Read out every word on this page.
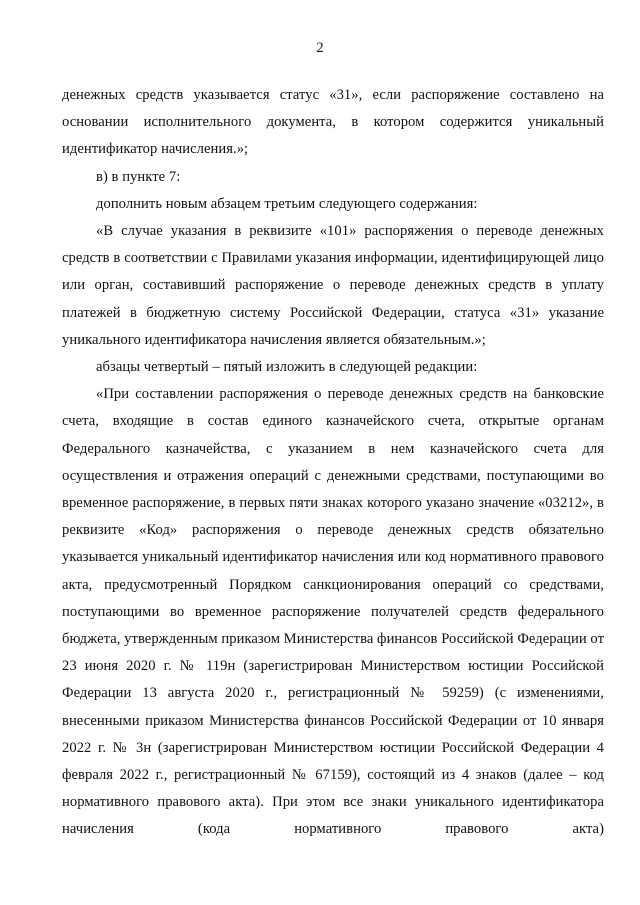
2

денежных средств указывается статус «31», если распоряжение составлено на основании исполнительного документа, в котором содержится уникальный идентификатор начисления.»;

в) в пункте 7:

дополнить новым абзацем третьим следующего содержания:

«В случае указания в реквизите «101» распоряжения о переводе денежных средств в соответствии с Правилами указания информации, идентифицирующей лицо или орган, составивший распоряжение о переводе денежных средств в уплату платежей в бюджетную систему Российской Федерации, статуса «31» указание уникального идентификатора начисления является обязательным.»;

абзацы четвертый – пятый изложить в следующей редакции:

«При составлении распоряжения о переводе денежных средств на банковские счета, входящие в состав единого казначейского счета, открытые органам Федерального казначейства, с указанием в нем казначейского счета для осуществления и отражения операций с денежными средствами, поступающими во временное распоряжение, в первых пяти знаках которого указано значение «03212», в реквизите «Код» распоряжения о переводе денежных средств обязательно указывается уникальный идентификатор начисления или код нормативного правового акта, предусмотренный Порядком санкционирования операций со средствами, поступающими во временное распоряжение получателей средств федерального бюджета, утвержденным приказом Министерства финансов Российской Федерации от 23 июня 2020 г. № 119н (зарегистрирован Министерством юстиции Российской Федерации 13 августа 2020 г., регистрационный № 59259) (с изменениями, внесенными приказом Министерства финансов Российской Федерации от 10 января 2022 г. № 3н (зарегистрирован Министерством юстиции Российской Федерации 4 февраля 2022 г., регистрационный № 67159), состоящий из 4 знаков (далее – код нормативного правового акта). При этом все знаки уникального идентификатора начисления (кода нормативного правового акта)
